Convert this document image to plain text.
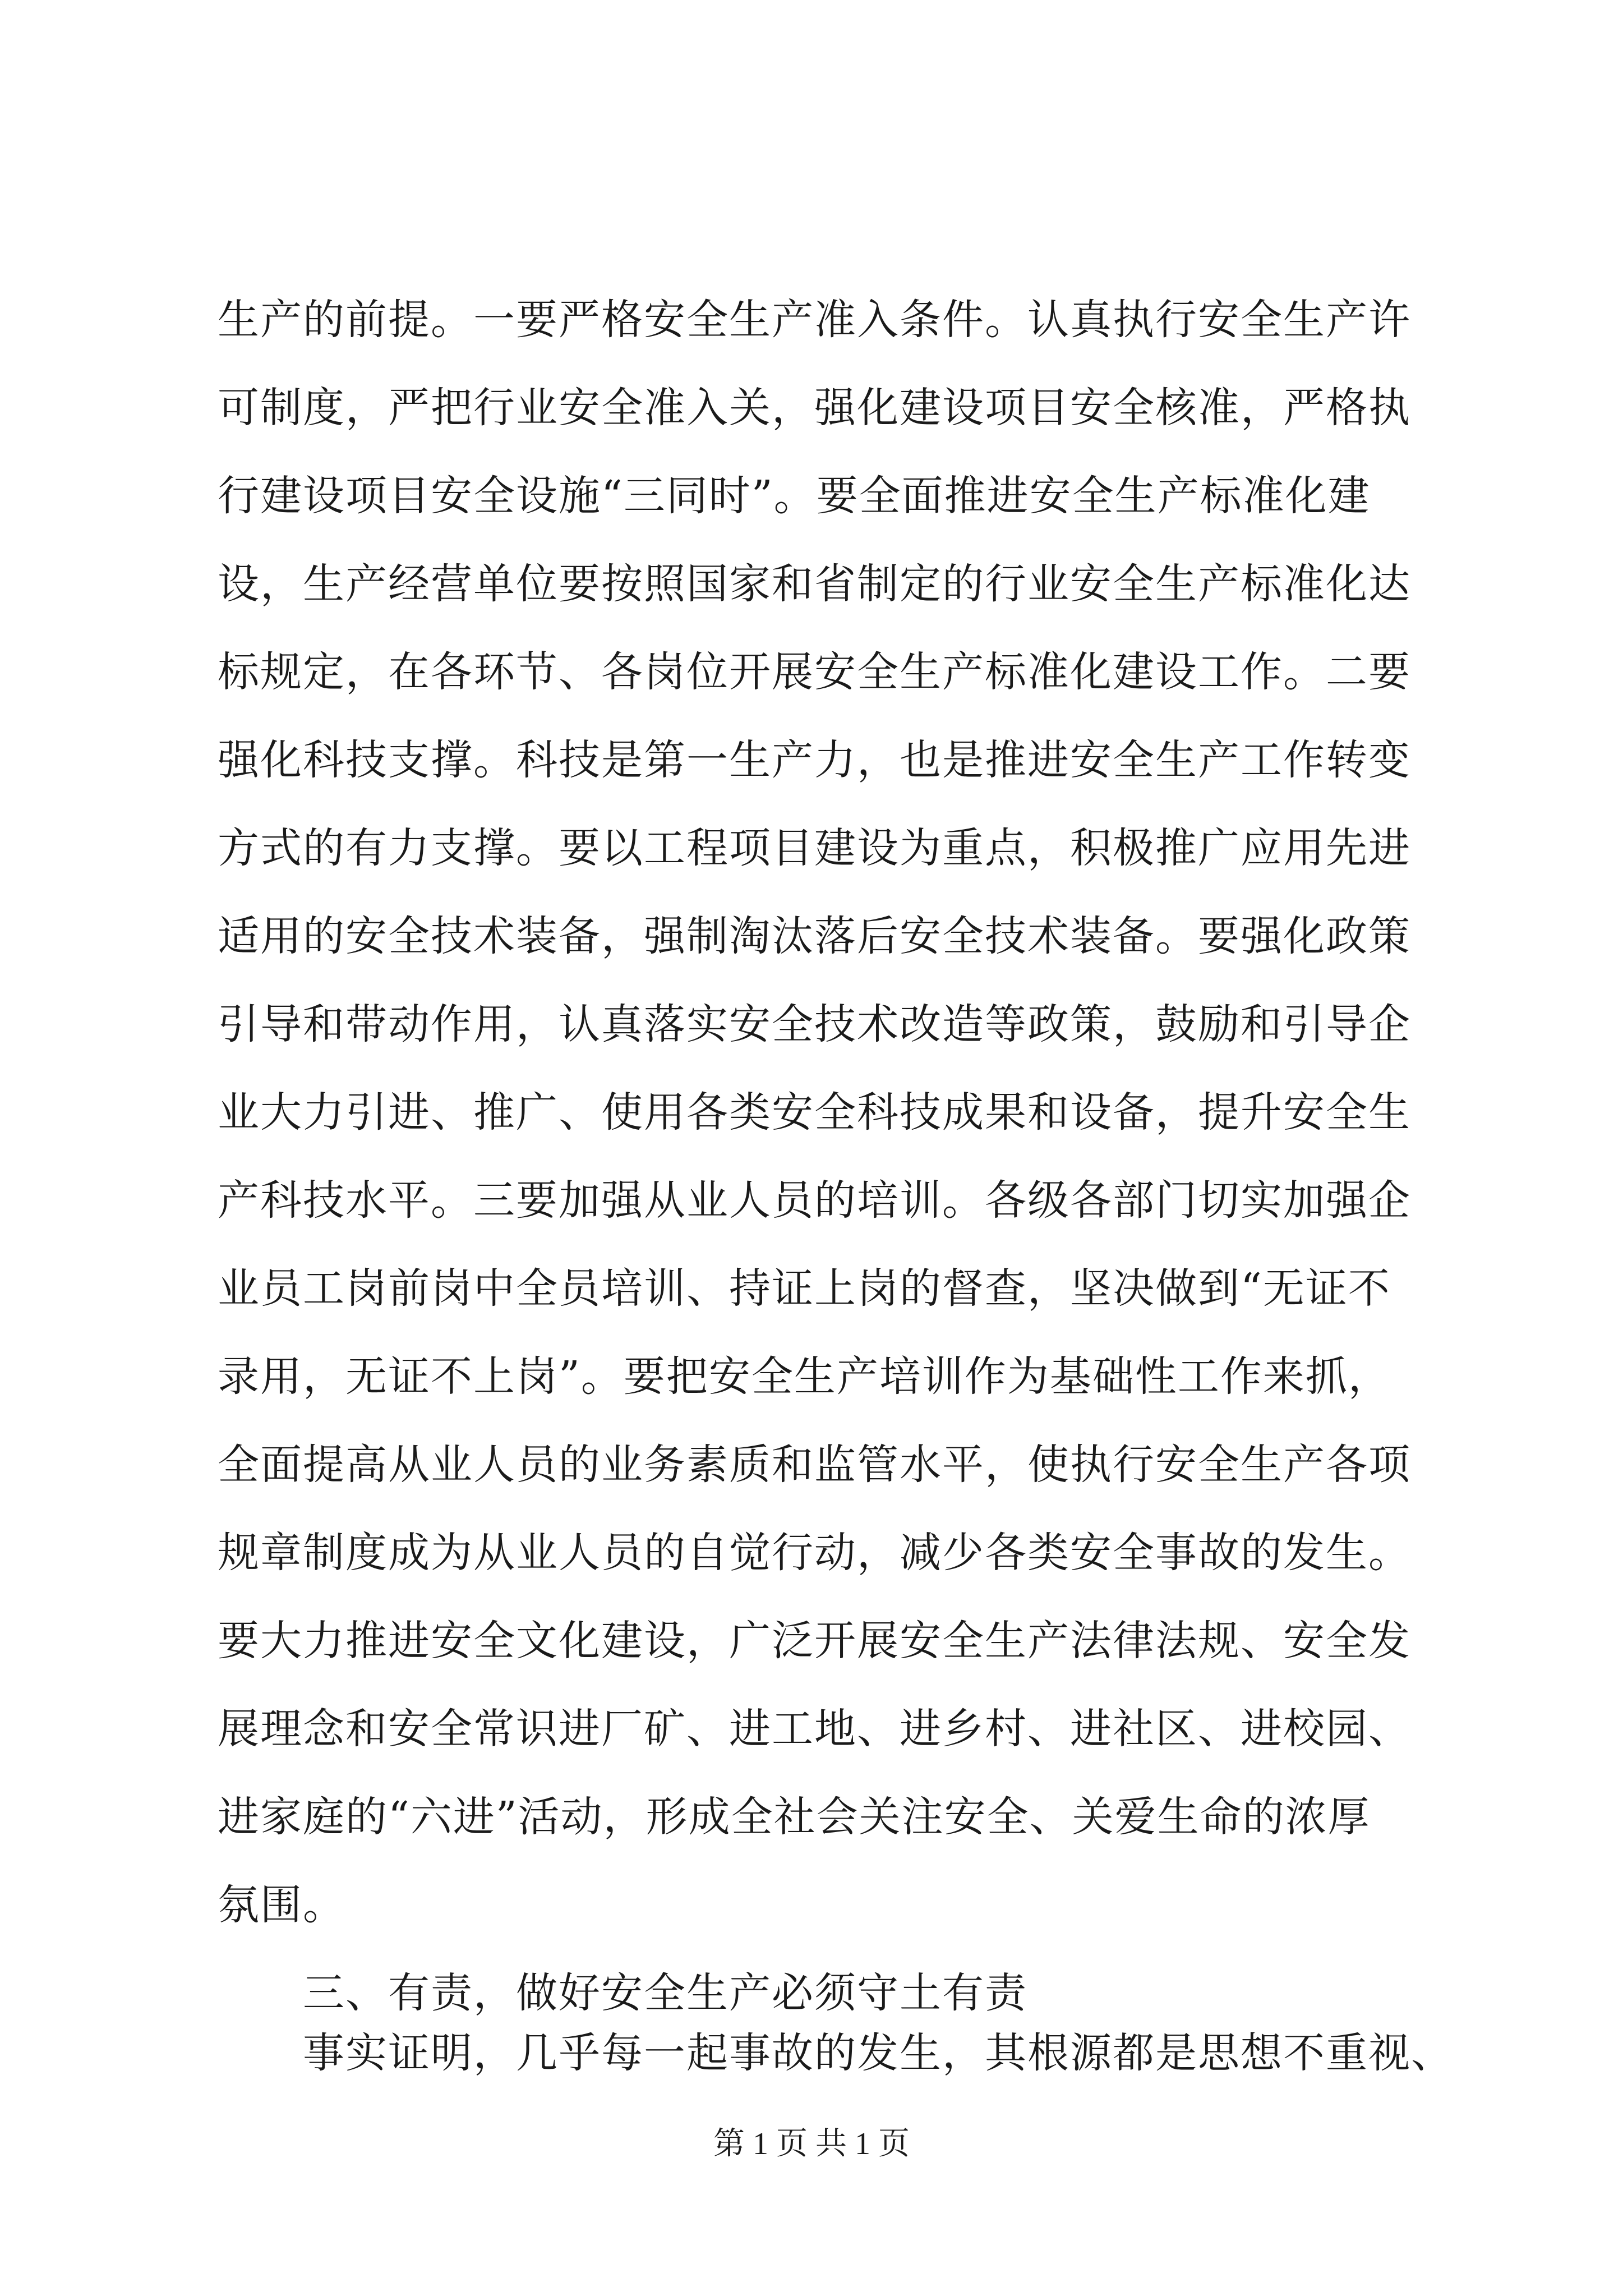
生产的前提。一要严格安全生产准入条件。认真执行安全生产许
可制度，严把行业安全准入关，强化建设项目安全核准，严格执
行建设项目安全设施“三同时”。要全面推进安全生产标准化建
设，生产经营单位要按照国家和省制定的行业安全生产标准化达
标规定，在各环节、各岗位开展安全生产标准化建设工作。二要
强化科技支撑。科技是第一生产力，也是推进安全生产工作转变
方式的有力支撑。要以工程项目建设为重点，积极推广应用先进
适用的安全技术装备，强制淘汰落后安全技术装备。要强化政策
引导和带动作用，认真落实安全技术改造等政策，鼓励和引导企
业大力引进、推广、使用各类安全科技成果和设备，提升安全生
产科技水平。三要加强从业人员的培训。各级各部门切实加强企
业员工岗前岗中全员培训、持证上岗的督查，坚决做到“无证不
录用，无证不上岗”。要把安全生产培训作为基础性工作来抓，
全面提高从业人员的业务素质和监管水平，使执行安全生产各项
规章制度成为从业人员的自觉行动，减少各类安全事故的发生。
要大力推进安全文化建设，广泛开展安全生产法律法规、安全发
展理念和安全常识进厂矿、进工地、进乡村、进社区、进校园、
进家庭的“六进”活动，形成全社会关注安全、关爱生命的浓厚
氛围。
三、有责，做好安全生产必须守土有责
事实证明，几乎每一起事故的发生，其根源都是思想不重视、
第 1 页 共 1 页
